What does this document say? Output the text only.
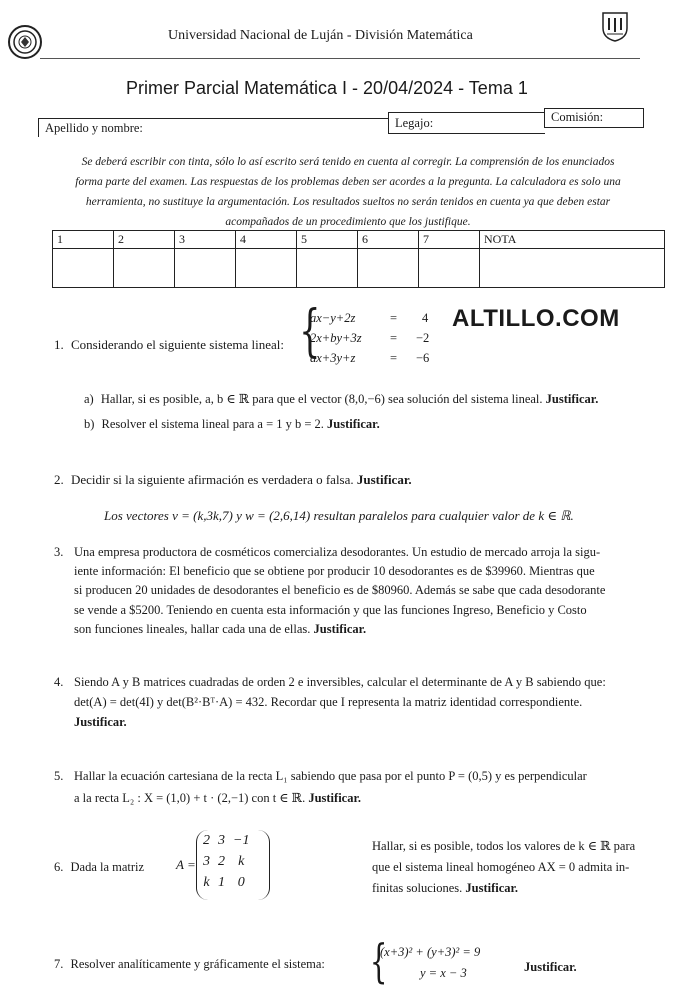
Universidad Nacional de Luján - División Matemática
Primer Parcial Matemática I - 20/04/2024 - Tema 1
Apellido y nombre:	Legajo:	Comisión:
Se deberá escribir con tinta, sólo lo así escrito será tenido en cuenta al corregir. La comprensión de los enunciados
forma parte del examen. Las respuestas de los problemas deben ser acordes a la pregunta. La calculadora es solo una
herramienta, no sustituye la argumentación. Los resultados sueltos no serán tenidos en cuenta ya que deben estar
acompañados de un procedimiento que los justifique.
1	2	3	4	5	6	7	NOTA

1. Considerando el siguiente sistema lineal: {
ax−y+2z	= 4
2x+by+3z = −2
ax+3y+z	= −6
ALTILLO.COM
a) Hallar, si es posible, a, b ∈ ℝ para que el vector (8,0,−6) sea solución del sistema lineal. Justificar.
b) Resolver el sistema lineal para a = 1 y b = 2. Justificar.
2. Decidir si la siguiente afirmación es verdadera o falsa. Justificar.
Los vectores v = (k,3k,7) y w = (2,6,14) resultan paralelos para cualquier valor de k ∈ ℝ.
3. Una empresa productora de cosméticos comercializa desodorantes. Un estudio de mercado arroja la sigu-
iente información: El beneficio que se obtiene por producir 10 desodorantes es de $39960. Mientras que
si producen 20 unidades de desodorantes el beneficio es de $80960. Además se sabe que cada desodorante
se vende a $5200. Teniendo en cuenta esta información y que las funciones Ingreso, Beneficio y Costo
son funciones lineales, hallar cada una de ellas. Justificar.
4. Siendo A y B matrices cuadradas de orden 2 e inversibles, calcular el determinante de A y B sabiendo que:
det(A) = det(4I) y det(B²·Bᵀ·A) = 432. Recordar que I representa la matriz identidad correspondiente.
Justificar.
5. Hallar la ecuación cartesiana de la recta L₁ sabiendo que pasa por el punto P = (0,5) y es perpendicular
a la recta L₂ : X = (1,0) + t · (2,−1) con t ∈ ℝ. Justificar.
6. Dada la matriz A =
2	3	−1
3	2	k
k	1	0
Hallar, si es posible, todos los valores de k ∈ ℝ para
que el sistema lineal homogéneo AX = 0 admita in-
finitas soluciones. Justificar.
7. Resolver analíticamente y gráficamente el sistema: {
(x+3)² + (y+3)² = 9
y = x − 3	Justificar.
